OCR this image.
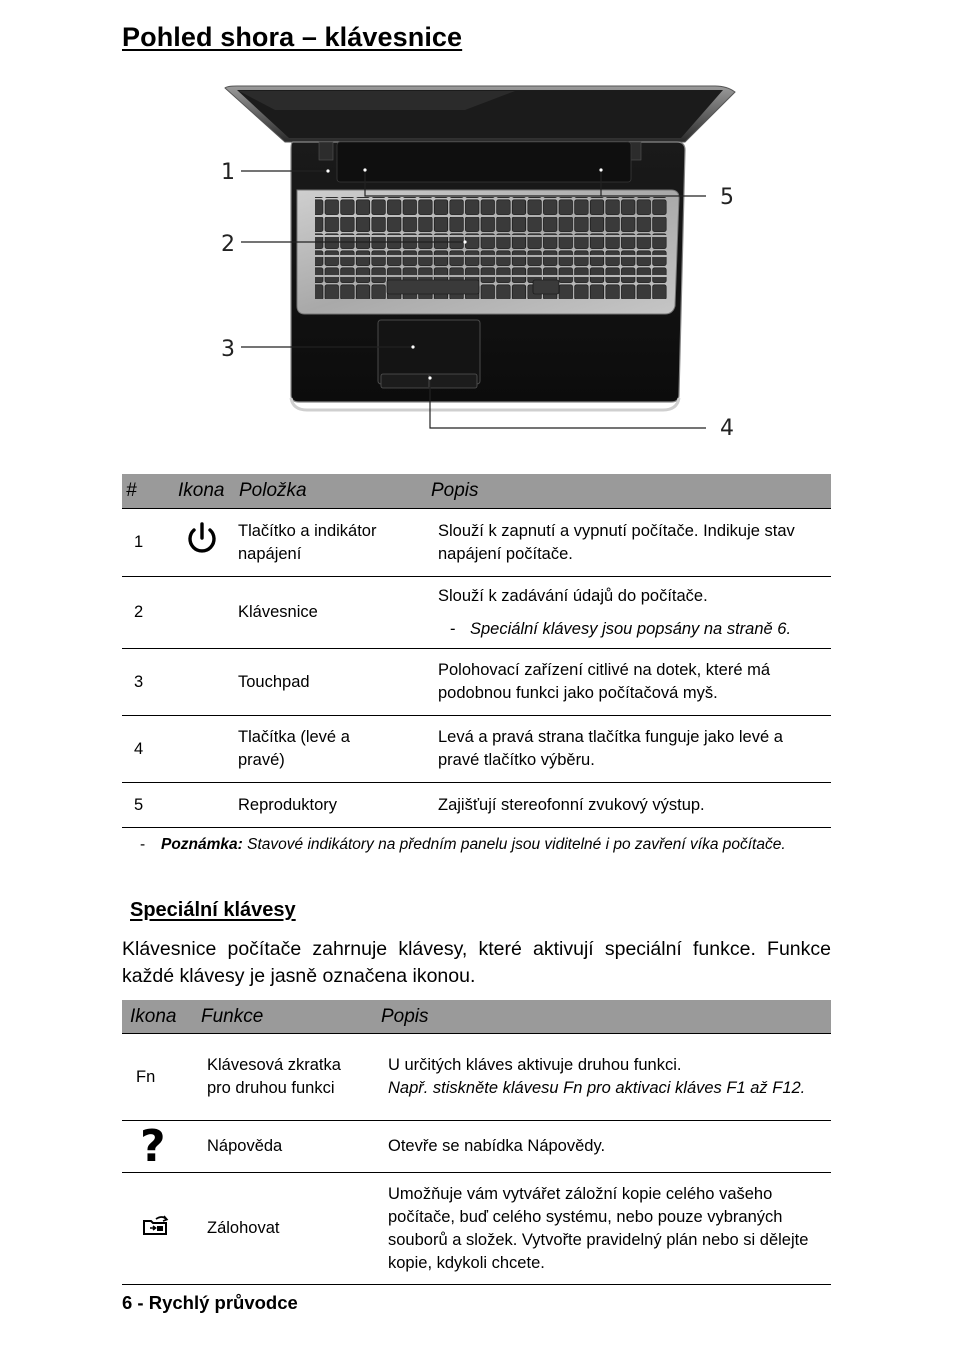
Pohled shora – klávesnice
1
2
3
4
5
#	Ikona	Položka	Popis
1		Tlačítko a indikátor napájení	Slouží k zapnutí a vypnutí počítače. Indikuje stav napájení počítače.
2		Klávesnice	Slouží k zadávání údajů do počítače.
- Speciální klávesy jsou popsány na straně 6.

3		Touchpad	Polohovací zařízení citlivé na dotek, které má podobnou funkci jako počítačová myš.
4		Tlačítka (levé a pravé)	Levá a pravá strana tlačítka funguje jako levé a pravé tlačítko výběru.
5		Reproduktory	Zajišťují stereofonní zvukový výstup.
- Poznámka: Stavové indikátory na předním panelu jsou viditelné i po zavření víka počítače.
Speciální klávesy
Klávesnice počítače zahrnuje klávesy, které aktivují speciální funkce. Funkce každé klávesy je jasně označena ikonou.
Ikona	Funkce	Popis
Fn	Klávesová zkratka pro druhou funkci	U určitých kláves aktivuje druhou funkci.
Např. stiskněte klávesu Fn pro aktivaci kláves F1 až F12.

?	Nápověda	Otevře se nabídka Nápovědy.
	Zálohovat	Umožňuje vám vytvářet záložní kopie celého vašeho počítače, buď celého systému, nebo pouze vybraných souborů a složek. Vytvořte pravidelný plán nebo si dělejte kopie, kdykoli chcete.
6 - Rychlý průvodce
